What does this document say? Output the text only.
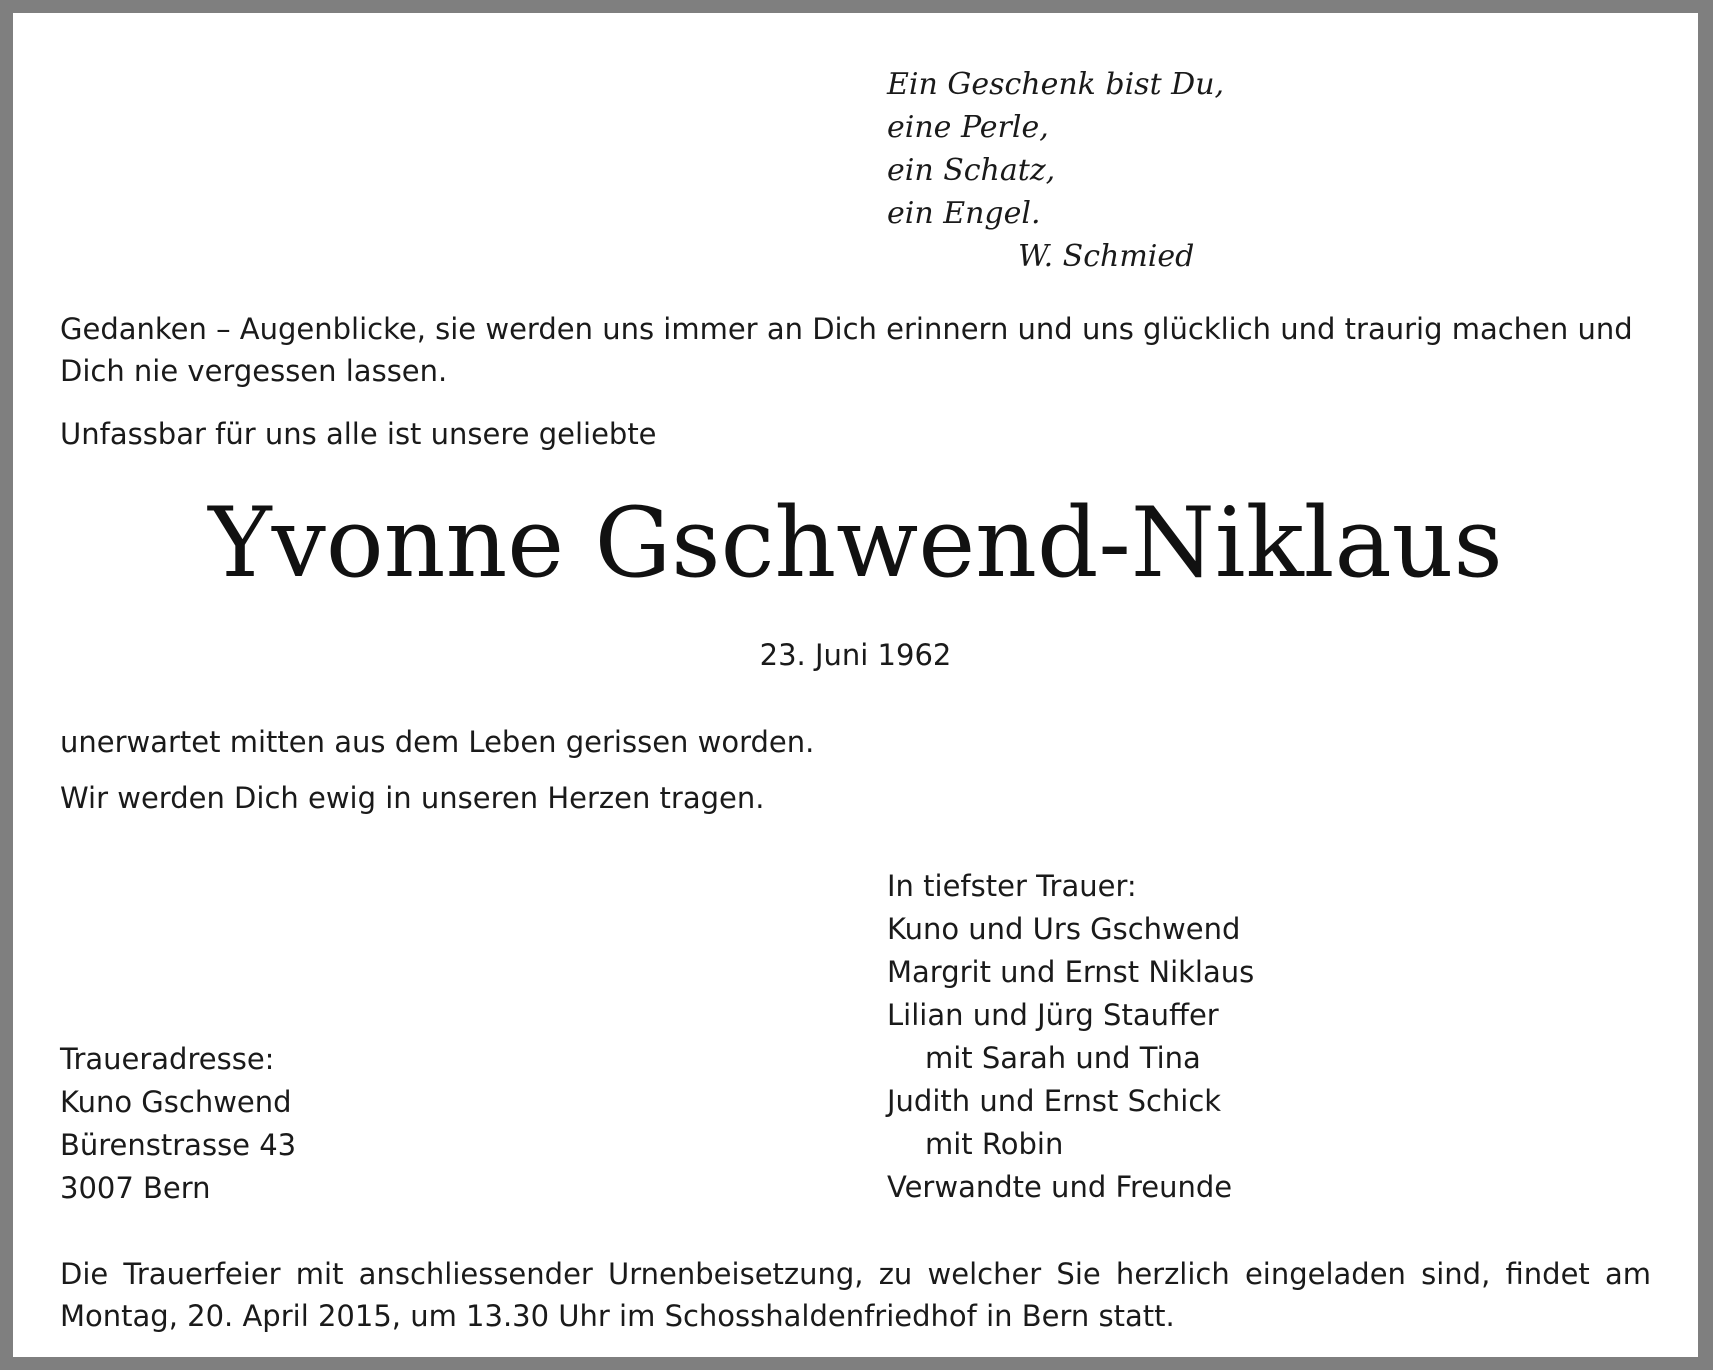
Ein Geschenk bist Du,
eine Perle,
ein Schatz,
ein Engel.
W. Schmied

Gedanken – Augenblicke, sie werden uns immer an Dich erinnern und uns glücklich und traurig machen und Dich nie vergessen lassen.

Unfassbar für uns alle ist unsere geliebte

Yvonne Gschwend-Niklaus
23. Juni 1962

unerwartet mitten aus dem Leben gerissen worden.

Wir werden Dich ewig in unseren Herzen tragen.

In tiefster Trauer:
Kuno und Urs Gschwend
Margrit und Ernst Niklaus
Lilian und Jürg Stauffer
mit Sarah und Tina
Judith und Ernst Schick
mit Robin
Verwandte und Freunde
Traueradresse:
Kuno Gschwend
Bürenstrasse 43
3007 Bern

Die Trauerfeier mit anschliessender Urnenbeisetzung, zu welcher Sie herzlich eingeladen sind, findet am Montag, 20. April 2015, um 13.30 Uhr im Schosshaldenfriedhof in Bern statt.
